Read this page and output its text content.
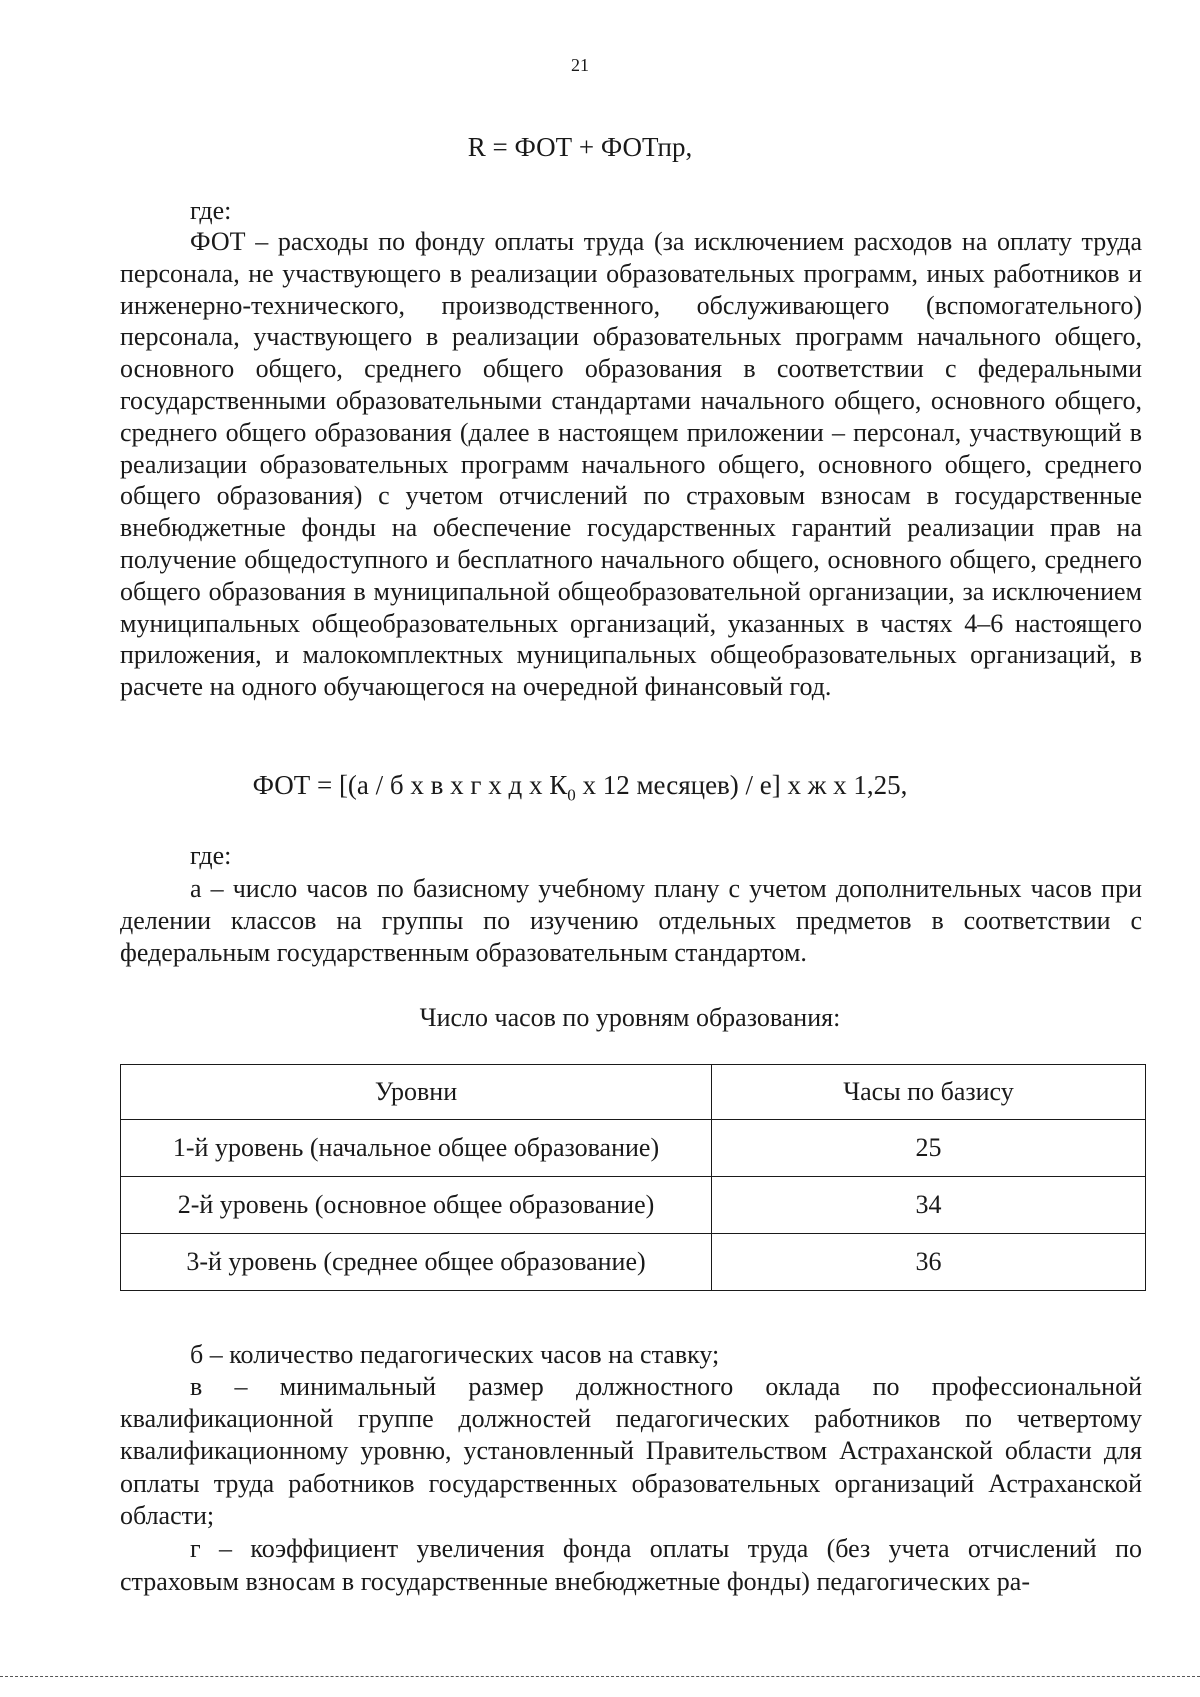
21
R = ФОТ + ФОТпр,
где:

ФОТ – расходы по фонду оплаты труда (за исключением расходов на оплату труда персонала, не участвующего в реализации образовательных программ, иных работников и инженерно-технического, производственного, обслуживающего (вспомогательного) персонала, участвующего в реализации образовательных программ начального общего, основного общего, среднего общего образования в соответствии с федеральными государственными образовательными стандартами начального общего, основного общего, среднего общего образования (далее в настоящем приложении – персонал, участвующий в реализации образовательных программ начального общего, основного общего, среднего общего образования) с учетом отчислений по страховым взносам в государственные внебюджетные фонды на обеспечение государственных гарантий реализации прав на получение общедоступного и бесплатного начального общего, основного общего, среднего общего образования в муниципальной общеобразовательной организации, за исключением муниципальных общеобразовательных организаций, указанных в частях 4–6 настоящего приложения, и малокомплектных муниципальных общеобразовательных организаций, в расчете на одного обучающегося на очередной финансовый год.

ФОТ = [(а / б х в х г х д х $К_0$ х 12 месяцев) / е] х ж х 1,25,
где:

а – число часов по базисному учебному плану с учетом дополнительных часов при делении классов на группы по изучению отдельных предметов в соответствии с федеральным государственным образовательным стандартом.

Число часов по уровням образования:
Уровни	Часы по базису
1-й уровень (начальное общее образование)	25
2-й уровень (основное общее образование)	34
3-й уровень (среднее общее образование)	36

б – количество педагогических часов на ставку;

в – минимальный размер должностного оклада по профессиональной квалификационной группе должностей педагогических работников по четвертому квалификационному уровню, установленный Правительством Астраханской области для оплаты труда работников государственных образовательных организаций Астраханской области;

г – коэффициент увеличения фонда оплаты труда (без учета отчислений по страховым взносам в государственные внебюджетные фонды) педагогических ра-
